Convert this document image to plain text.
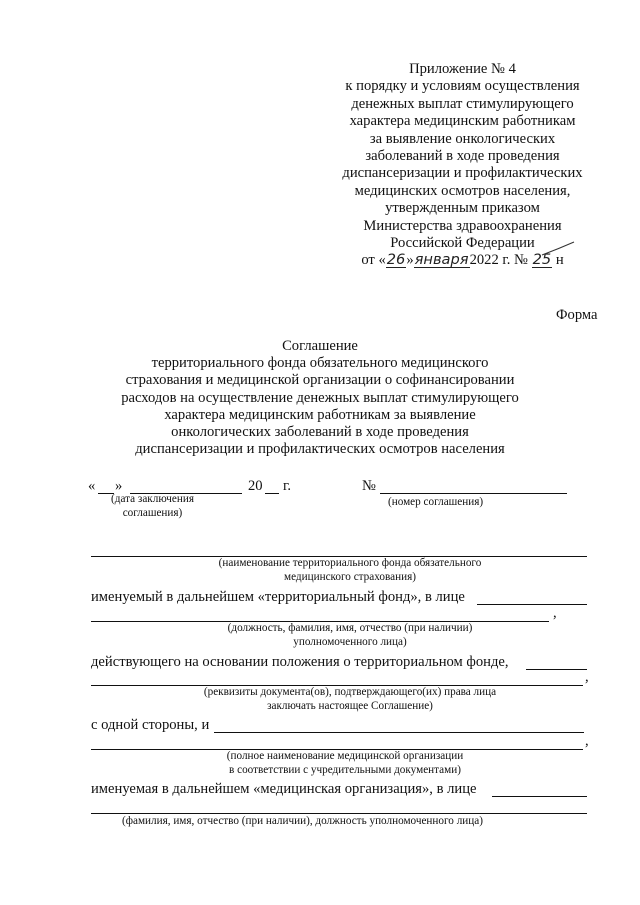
Приложение № 4
к порядку и условиям осуществления
денежных выплат стимулирующего
характера медицинским работникам
за выявление онкологических
заболеваний в ходе проведения
диспансеризации и профилактических
медицинских осмотров населения,
утвержденным приказом
Министерства здравоохранения
Российской Федерации
от «26»января2022 г. № 25 н
Форма
Соглашение
территориального фонда обязательного медицинского
страхования и медицинской организации о софинансировании
расходов на осуществление денежных выплат стимулирующего
характера медицинским работникам за выявление
онкологических заболеваний в ходе проведения
диспансеризации и профилактических осмотров населения
« »	20 г.	№
(дата заключения
соглашения)
(номер соглашения)
(наименование территориального фонда обязательного
медицинского страхования)
именуемый в дальнейшем «территориальный фонд», в лице
,
(должность, фамилия, имя, отчество (при наличии)
уполномоченного лица)
действующего на основании положения о территориальном фонде,
,
(реквизиты документа(ов), подтверждающего(их) права лица
заключать настоящее Соглашение)
с одной стороны, и
,
(полное наименование медицинской организации
в соответствии с учредительными документами)
именуемая в дальнейшем «медицинская организация», в лице
(фамилия, имя, отчество (при наличии), должность уполномоченного лица)
